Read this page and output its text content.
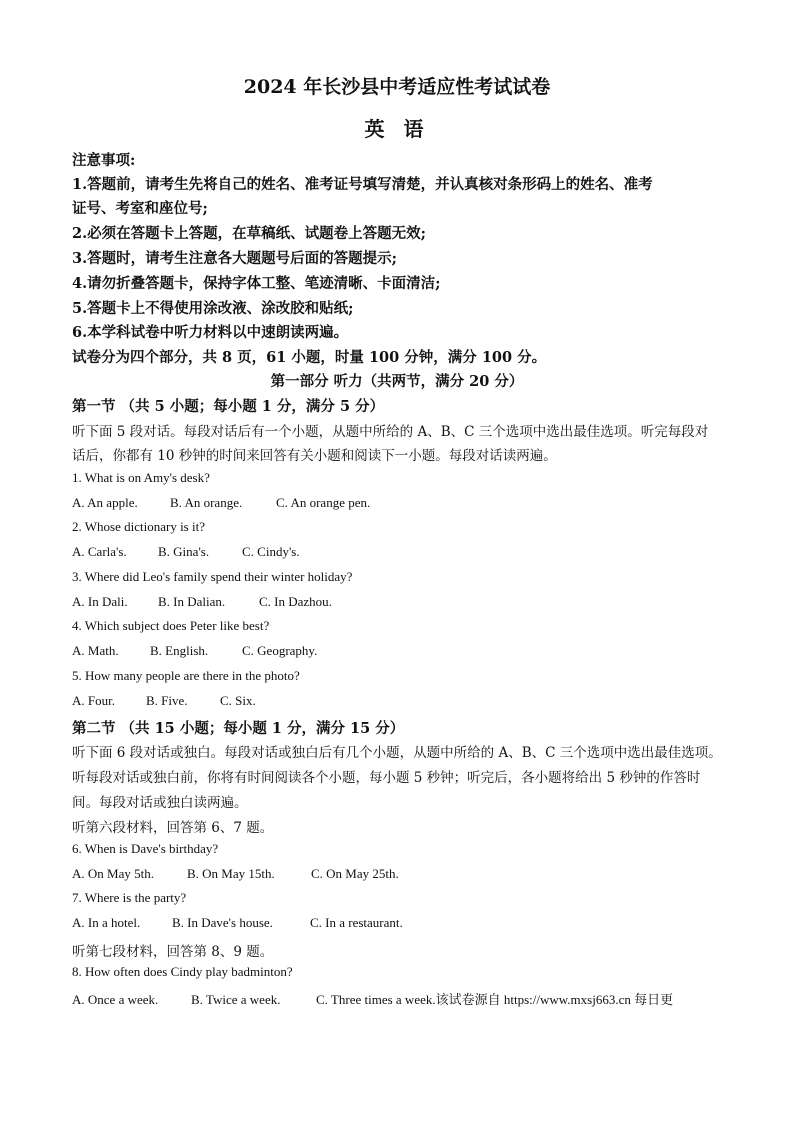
2024 年长沙县中考适应性考试试卷
英 语
注意事项:
1.答题前，请考生先将自己的姓名、准考证号填写清楚，并认真核对条形码上的姓名、准考
证号、考室和座位号;
2.必须在答题卡上答题，在草稿纸、试题卷上答题无效;
3.答题时，请考生注意各大题题号后面的答题提示;
4.请勿折叠答题卡，保持字体工整、笔迹清晰、卡面清洁;
5.答题卡上不得使用涂改液、涂改胶和贴纸;
6.本学科试卷中听力材料以中速朗读两遍。
试卷分为四个部分，共 8 页，61 小题，时量 100 分钟，满分 100 分。
第一部分 听力（共两节，满分 20 分）
第一节 （共 5 小题；每小题 1 分，满分 5 分）
听下面 5 段对话。每段对话后有一个小题，从题中所给的 A、B、C 三个选项中选出最佳选项。听完每段对
话后，你都有 10 秒钟的时间来回答有关小题和阅读下一小题。每段对话读两遍。
1. What is on Amy's desk?
A. An apple. B. An orange.	C. An orange pen.
2. Whose dictionary is it?
A. Carla's. B. Gina's.	C. Cindy's.
3. Where did Leo's family spend their winter holiday?
A. In Dali. B. In Dalian.	C. In Dazhou.
4. Which subject does Peter like best?
A. Math. B. English.	C. Geography.
5. How many people are there in the photo?
A. Four. B. Five. C. Six.
第二节 （共 15 小题；每小题 1 分，满分 15 分）
听下面 6 段对话或独白。每段对话或独白后有几个小题，从题中所给的 A、B、C 三个选项中选出最佳选项。
听每段对话或独白前，你将有时间阅读各个小题，每小题 5 秒钟；听完后，各小题将给出 5 秒钟的作答时
间。每段对话或独白读两遍。
听第六段材料，回答第 6、7 题。
6. When is Dave's birthday?
A. On May 5th.	B. On May 15th.	C. On May 25th.
7. Where is the party?
A. In a hotel. B. In Dave's house.	C. In a restaurant.
听第七段材料，回答第 8、9 题。
8. How often does Cindy play badminton?
A. Once a week.	B. Twice a week.	C. Three times a week.该试卷源自 https://www.mxsj663.cn 每日更
